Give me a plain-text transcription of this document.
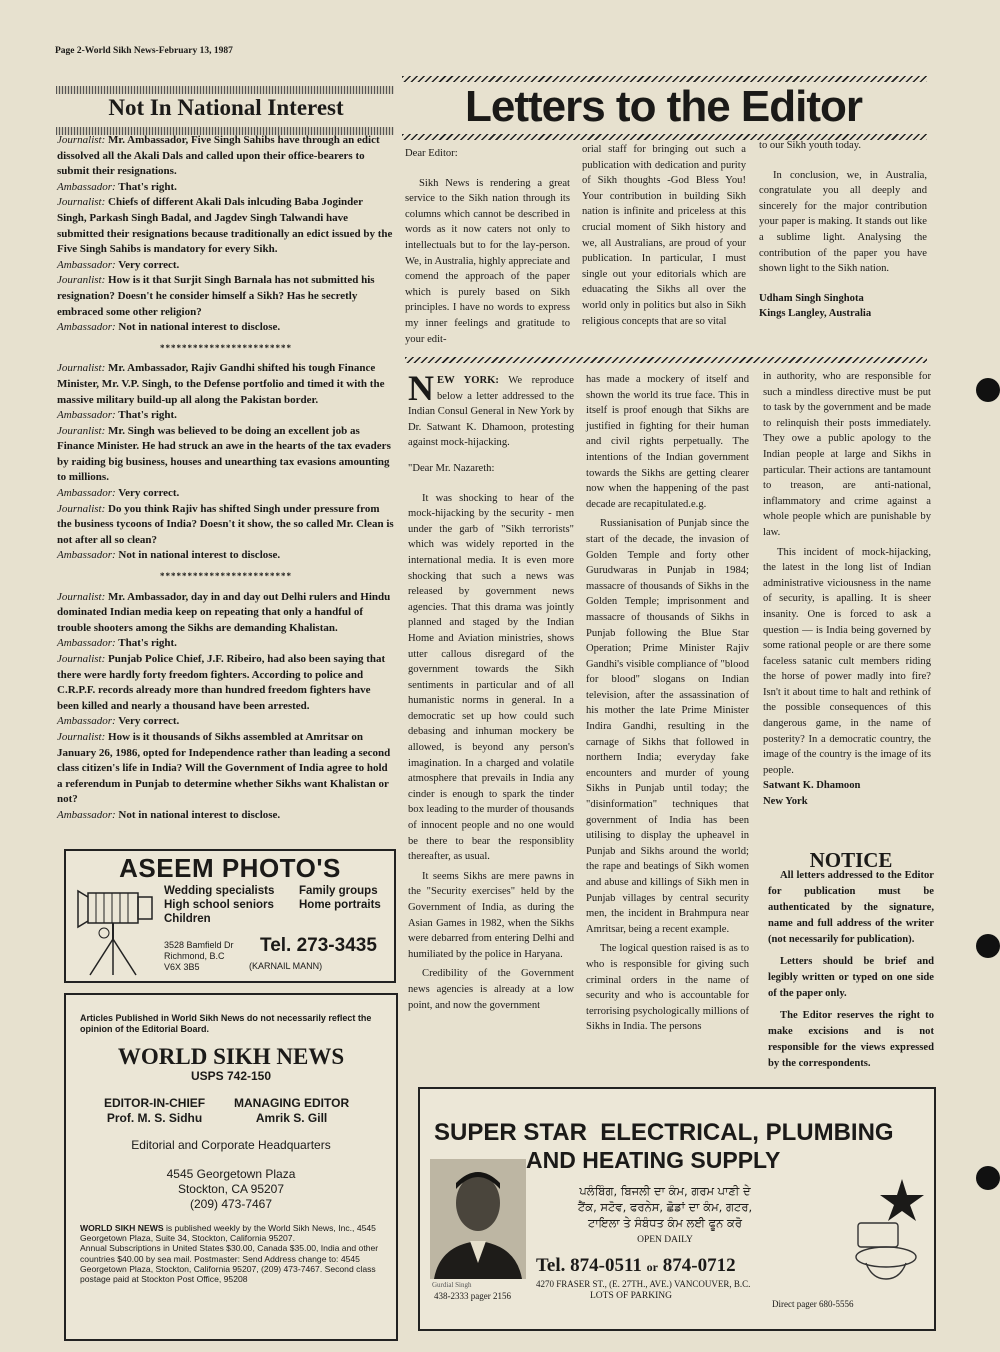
Page 2-World Sikh News-February 13, 1987
Not In National Interest

Journalist: Mr. Ambassador, Five Singh Sahibs have through an edict dissolved all the Akali Dals and called upon their office-bearers to submit their resignations.

Ambassador: That's right.

Journalist: Chiefs of different Akali Dals inlcuding Baba Joginder Singh, Parkash Singh Badal, and Jagdev Singh Talwandi have submitted their resignations because traditionally an edict issued by the Five Singh Sahibs is mandatory for every Sikh.

Ambassador: Very correct.

Jouranlist: How is it that Surjit Singh Barnala has not submitted his resignation? Doesn't he consider himself a Sikh? Has he secretly embraced some other religion?

Ambassador: Not in national interest to disclose.

************************

Journalist: Mr. Ambassador, Rajiv Gandhi shifted his tough Finance Minister, Mr. V.P. Singh, to the Defense portfolio and timed it with the massive military build-up all along the Pakistan border.

Ambassador: That's right.

Jouranlist: Mr. Singh was believed to be doing an excellent job as Finance Minister. He had struck an awe in the hearts of the tax evaders by raiding big business, houses and unearthing tax evasions amounting to millions.

Ambassador: Very correct.

Journalist: Do you think Rajiv has shifted Singh under pressure from the business tycoons of India? Doesn't it show, the so called Mr. Clean is not after all so clean?

Ambassador: Not in national interest to disclose.

************************

Journalist: Mr. Ambassador, day in and day out Delhi rulers and Hindu dominated Indian media keep on repeating that only a handful of trouble shooters among the Sikhs are demanding Khalistan.

Ambassador: That's right.

Journalist: Punjab Police Chief, J.F. Ribeiro, had also been saying that there were hardly forty freedom fighters. According to police and C.R.P.F. records already more than hundred freedom fighters have been killed and nearly a thousand have been arrested.

Ambassador: Very correct.

Journalist: How is it thousands of Sikhs assembled at Amritsar on January 26, 1986, opted for Independence rather than leading a second class citizen's life in India? Will the Government of India agree to hold a referendum in Punjab to determine whether Sikhs want Khalistan or not?

Ambassador: Not in national interest to disclose.

Letters to the Editor

Dear Editor:

Sikh News is rendering a great service to the Sikh nation through its columns which cannot be described in words as it now caters not only to intellectuals but to for the lay-person. We, in Australia, highly appreciate and comend the approach of the paper which is purely based on Sikh principles. I have no words to express my inner feelings and gratitude to your edit-

orial staff for bringing out such a publication with dedication and purity of Sikh thoughts -God Bless You! Your contribution in building Sikh nation is infinite and priceless at this crucial moment of Sikh history and we, all Australians, are proud of your publication. In particular, I must single out your editorials which are eduacating the Sikhs all over the world only in politics but also in Sikh religious concepts that are so vital

to our Sikh youth today.

In conclusion, we, in Australia, congratulate you all deeply and sincerely for the major contribution your paper is making. It stands out like a sublime light. Analysing the contribution of the paper you have shown light to the Sikh nation.

Udham Singh Singhota
Kings Langley, Australia

NEW YORK: We reproduce below a letter addressed to the Indian Consul General in New York by Dr. Satwant K. Dhamoon, protesting against mock-hijacking.

"Dear Mr. Nazareth:

It was shocking to hear of the mock-hijacking by the security - men under the garb of "Sikh terrorists" which was widely reported in the international media. It is even more shocking that such a news was released by government news agencies. That this drama was jointly planned and staged by the Indian Home and Aviation ministries, shows utter callous disregard of the government towards the Sikh sentiments in particular and of all humanistic norms in general. In a democratic set up how could such debasing and inhuman mockery be allowed, is beyond any person's imagination. In a charged and volatile atmosphere that prevails in India any cinder is enough to spark the tinder box leading to the murder of thousands of innocent people and no one would be there to bear the responsiblity thereafter, as usual.

It seems Sikhs are mere pawns in the "Security exercises" held by the Government of India, as during the Asian Games in 1982, when the Sikhs were debarred from entering Delhi and humiliated by the police in Haryana.

Credibility of the Government news agencies is already at a low point, and now the government

has made a mockery of itself and shown the world its true face. This in itself is proof enough that Sikhs are justified in fighting for their human and civil rights perpetually. The intentions of the Indian government towards the Sikhs are getting clearer now when the happening of the past decade are recapitulated.e.g.

Russianisation of Punjab since the start of the decade, the invasion of Golden Temple and forty other Gurudwaras in Punjab in 1984; massacre of thousands of Sikhs in the Golden Temple; imprisonment and massacre of thousands of Sikhs in Punjab following the Blue Star Operation; Prime Minister Rajiv Gandhi's visible compliance of "blood for blood" slogans on Indian television, after the assassination of his mother the late Prime Minister Indira Gandhi, resulting in the carnage of Sikhs that followed in northern India; everyday fake encounters and murder of young Sikhs in Punjab until today; the "disinformation" techniques that government of India has been utilising to display the upheavel in Punjab and Sikhs around the world; the rape and beatings of Sikh women and abuse and killings of Sikh men in Punjab villages by central security men, the incident in Brahmpura near Amritsar, being a recent example.

The logical question raised is as to who is responsible for giving such criminal orders in the name of security and who is accountable for terrorising psychologically millions of Sikhs in India. The persons

in authority, who are responsible for such a mindless directive must be put to task by the government and be made to relinquish their posts immediately. They owe a public apology to the Indian people at large and Sikhs in particular. Their actions are tantamount to treason, are anti-national, inflammatory and crime against a whole people which are punishable by law.

This incident of mock-hijacking, the latest in the long list of Indian administrative viciousness in the name of security, is apalling. It is sheer insanity. One is forced to ask a question — is India being governed by some rational people or are there some faceless satanic cult members riding the horse of power madly into fire? Isn't it about time to halt and rethink of the possible consequences of this dangerous game, in the name of posterity? In a democratic country, the image of the country is the image of its people.

Satwant K. Dhamoon
New York
NOTICE

All letters addressed to the Editor for publication must be authenticated by the signature, name and full address of the writer (not necessarily for publication).

Letters should be brief and legibly written or typed on one side of the paper only.

The Editor reserves the right to make excisions and is not responsible for the views expressed by the correspondents.

ASEEM PHOTO'S
Wedding specialists
High school seniors
Children
Family groups
Home portraits
3528 Bamfield Dr
Richmond, B.C
V6X 3B5
Tel. 273-3435
(KARNAIL MANN)
Articles Published in World Sikh News do not necessarily reflect the opinion of the Editorial Board.
WORLD SIKH NEWS
USPS 742-150
EDITOR-IN-CHIEF
Prof. M. S. Sidhu
MANAGING EDITOR
Amrik S. Gill
Editorial and Corporate Headquarters
4545 Georgetown Plaza
Stockton, CA 95207
(209) 473-7467
WORLD SIKH NEWS is published weekly by the World Sikh News, Inc., 4545 Georgetown Plaza, Suite 34, Stockton, California 95207.
Annual Subscriptions in United States $30.00, Canada $35.00, India and other countries $40.00 by sea mail. Postmaster: Send Address change to: 4545 Georgetown Plaza, Stockton, California 95207, (209) 473-7467. Second class postage paid at Stockton Post Office, 95208
SUPER STAR  ELECTRICAL, PLUMBING
AND HEATING SUPPLY
Gurdial Singh
438-2333 pager 2156
ਪਲੰਬਿੰਗ, ਬਿਜਲੀ ਦਾ ਕੰਮ, ਗਰਮ ਪਾਣੀ ਦੇ
ਟੈਂਕ, ਸਟੋਵ, ਫਰਨੇਸ, ਛੋਡਾਂ ਦਾ ਕੰਮ, ਗਟਰ,
ਟਾਇਲਾ ਤੇ ਸੰਬੰਧਤ ਕੰਮ ਲਈ ਫੂਨ ਕਰੋ
OPEN DAILY
Tel. 874-0511 or 874-0712
4270 FRASER ST., (E. 27TH., AVE.) VANCOUVER, B.C.
LOTS OF PARKING
Direct pager 680-5556
